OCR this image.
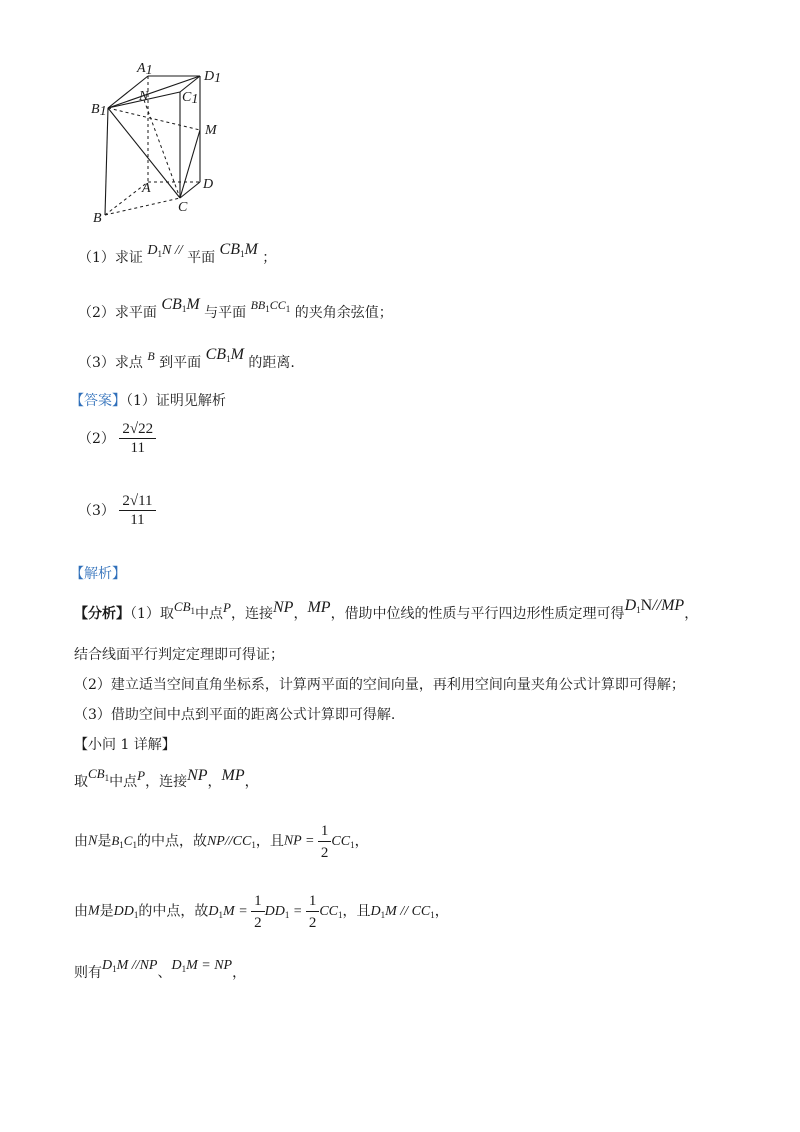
A1	D1
N C1
B1
M
A	D
C
B
（1）求证 $D_1N$ // 平面 $CB_1M$ ；
（2）求平面 $CB_1M$ 与平面 $BB_1CC_1$ 的夹角余弦值；
（3）求点 B 到平面 $CB_1M$ 的距离.
【答案】（1）证明见解析
$(2) \frac{2√22}{11}$
$(3) \frac{2√11}{11}$
【解析】
【分析】（1）取$CB_1$中点P，连接NP，MP，借助中位线的性质与平行四边形性质定理可得$D_1N//MP$，
结合线面平行判定定理即可得证；
（2）建立适当空间直角坐标系，计算两平面的空间向量，再利用空间向量夹角公式计算即可得解；
（3）借助空间中点到平面的距离公式计算即可得解.
【小问 1 详解】
取$CB_1$中点P，连接NP，MP，
由N是$B_1C_1$的中点，故$NP//CC_1$，且NP = $\frac{1}{2} CC_1$，
由M是$DD_1$的中点，故$D_1M = \frac{1}{2} DD_1 = \frac{1}{2} CC_1$，且$D_1M // CC_1$，
则有$D_1M$ //NP、$D_1M$ = NP，
